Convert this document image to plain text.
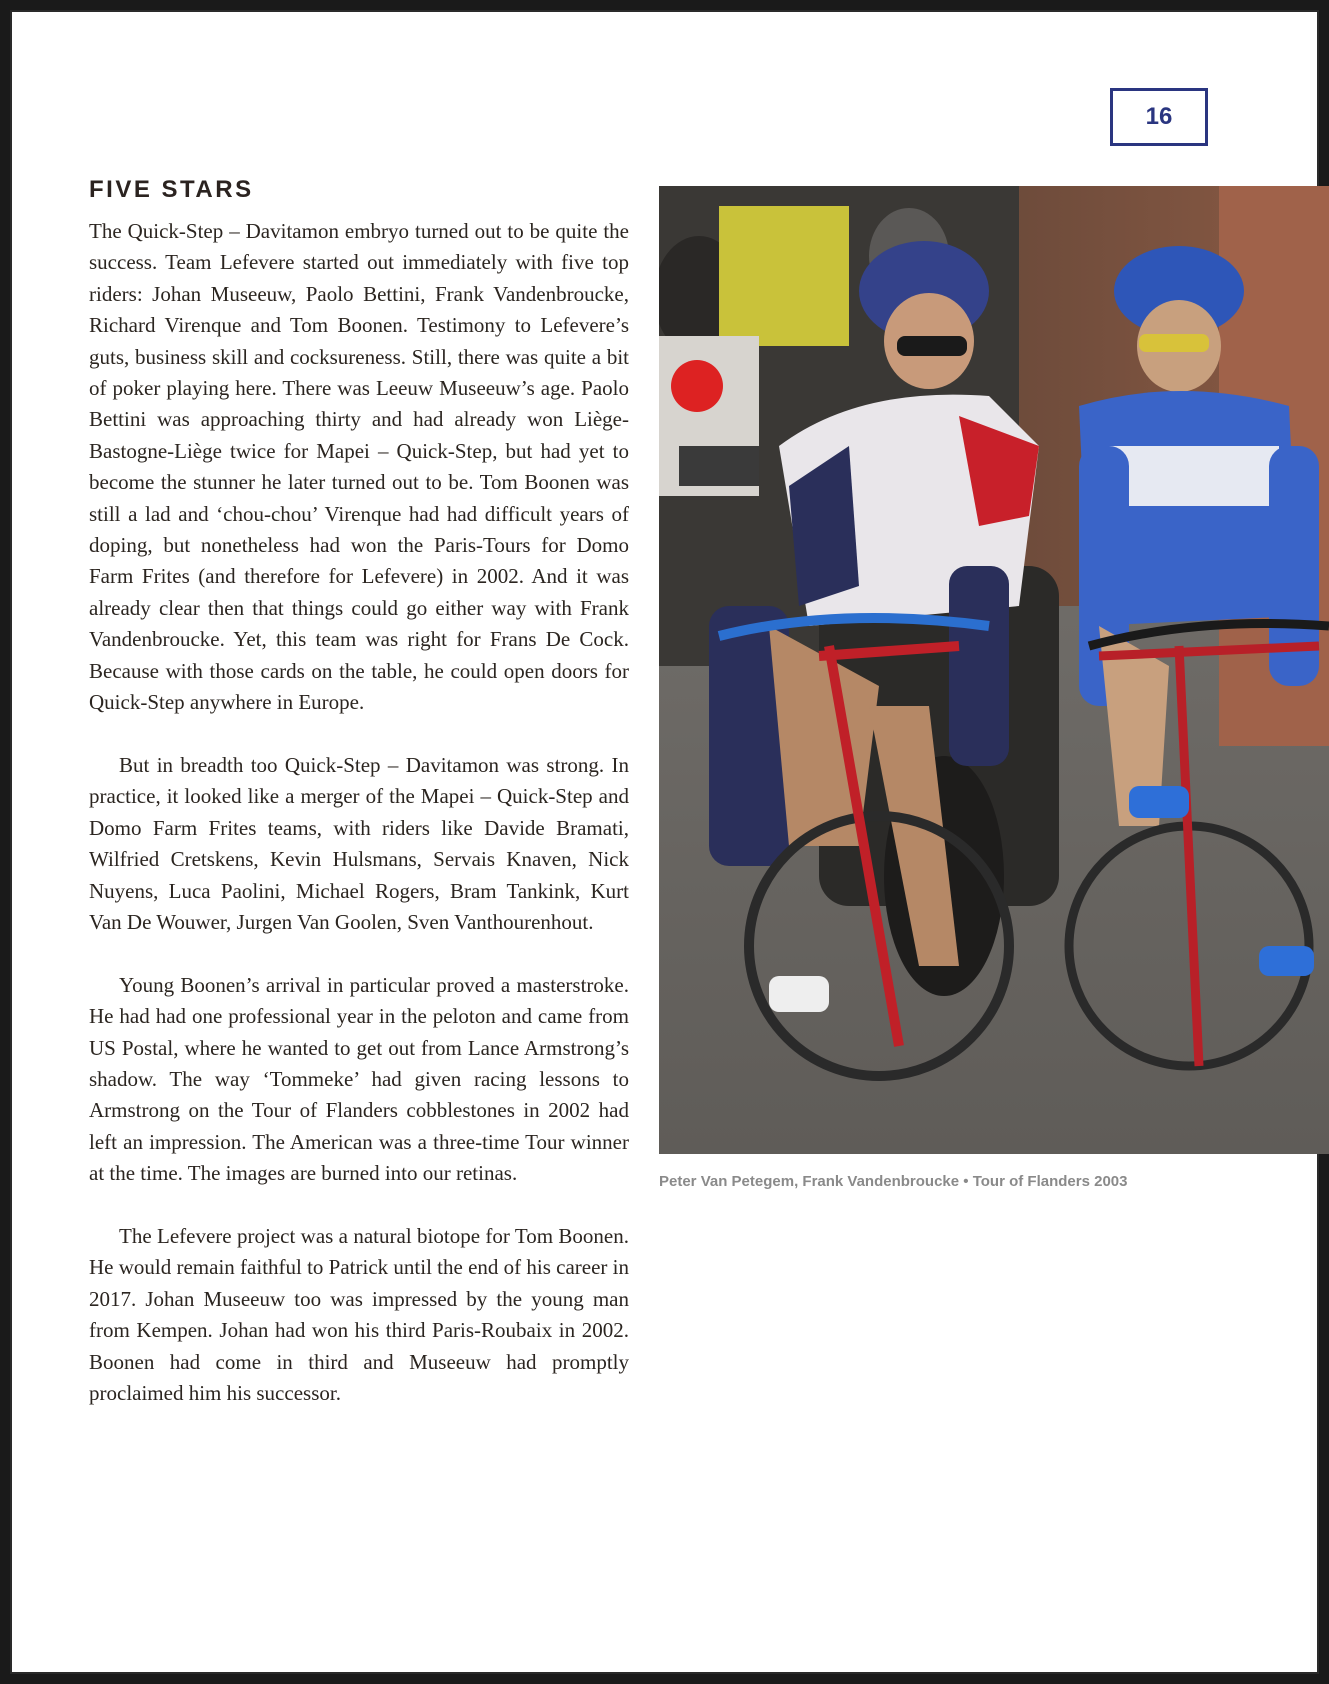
16
FIVE STARS

The Quick-Step – Davitamon embryo turned out to be quite the success. Team Lefevere started out immediately with five top riders: Johan Museeuw, Paolo Bettini, Frank Vandenbroucke, Richard Virenque and Tom Boonen. Testimony to Lefevere’s guts, business skill and cocksureness. Still, there was quite a bit of poker playing here. There was Leeuw Museeuw’s age. Paolo Bettini was approaching thirty and had already won Liège-Bastogne-Liège twice for Mapei – Quick-Step, but had yet to become the stunner he later turned out to be. Tom Boonen was still a lad and ‘chou-chou’ Virenque had had difficult years of doping, but nonetheless had won the Paris-Tours for Domo Farm Frites (and therefore for Lefevere) in 2002. And it was already clear then that things could go either way with Frank Vandenbroucke. Yet, this team was right for Frans De Cock. Because with those cards on the table, he could open doors for Quick-Step anywhere in Europe.

But in breadth too Quick-Step – Davitamon was strong. In practice, it looked like a merger of the Mapei – Quick-Step and Domo Farm Frites teams, with riders like Davide Bramati, Wilfried Cretskens, Kevin Hulsmans, Servais Knaven, Nick Nuyens, Luca Paolini, Michael Rogers, Bram Tankink, Kurt Van De Wouwer, Jurgen Van Goolen, Sven Vanthourenhout.

Young Boonen’s arrival in particular proved a masterstroke. He had had one professional year in the peloton and came from US Postal, where he wanted to get out from Lance Armstrong’s shadow. The way ‘Tommeke’ had given racing lessons to Armstrong on the Tour of Flanders cobblestones in 2002 had left an impression. The American was a three-time Tour winner at the time. The images are burned into our retinas.

The Lefevere project was a natural biotope for Tom Boonen. He would remain faithful to Patrick until the end of his career in 2017. Johan Museeuw too was impressed by the young man from Kempen. Johan had won his third Paris-Roubaix in 2002. Boonen had come in third and Museeuw had promptly proclaimed him his successor.

Peter Van Petegem, Frank Vandenbroucke • Tour of Flanders 2003
